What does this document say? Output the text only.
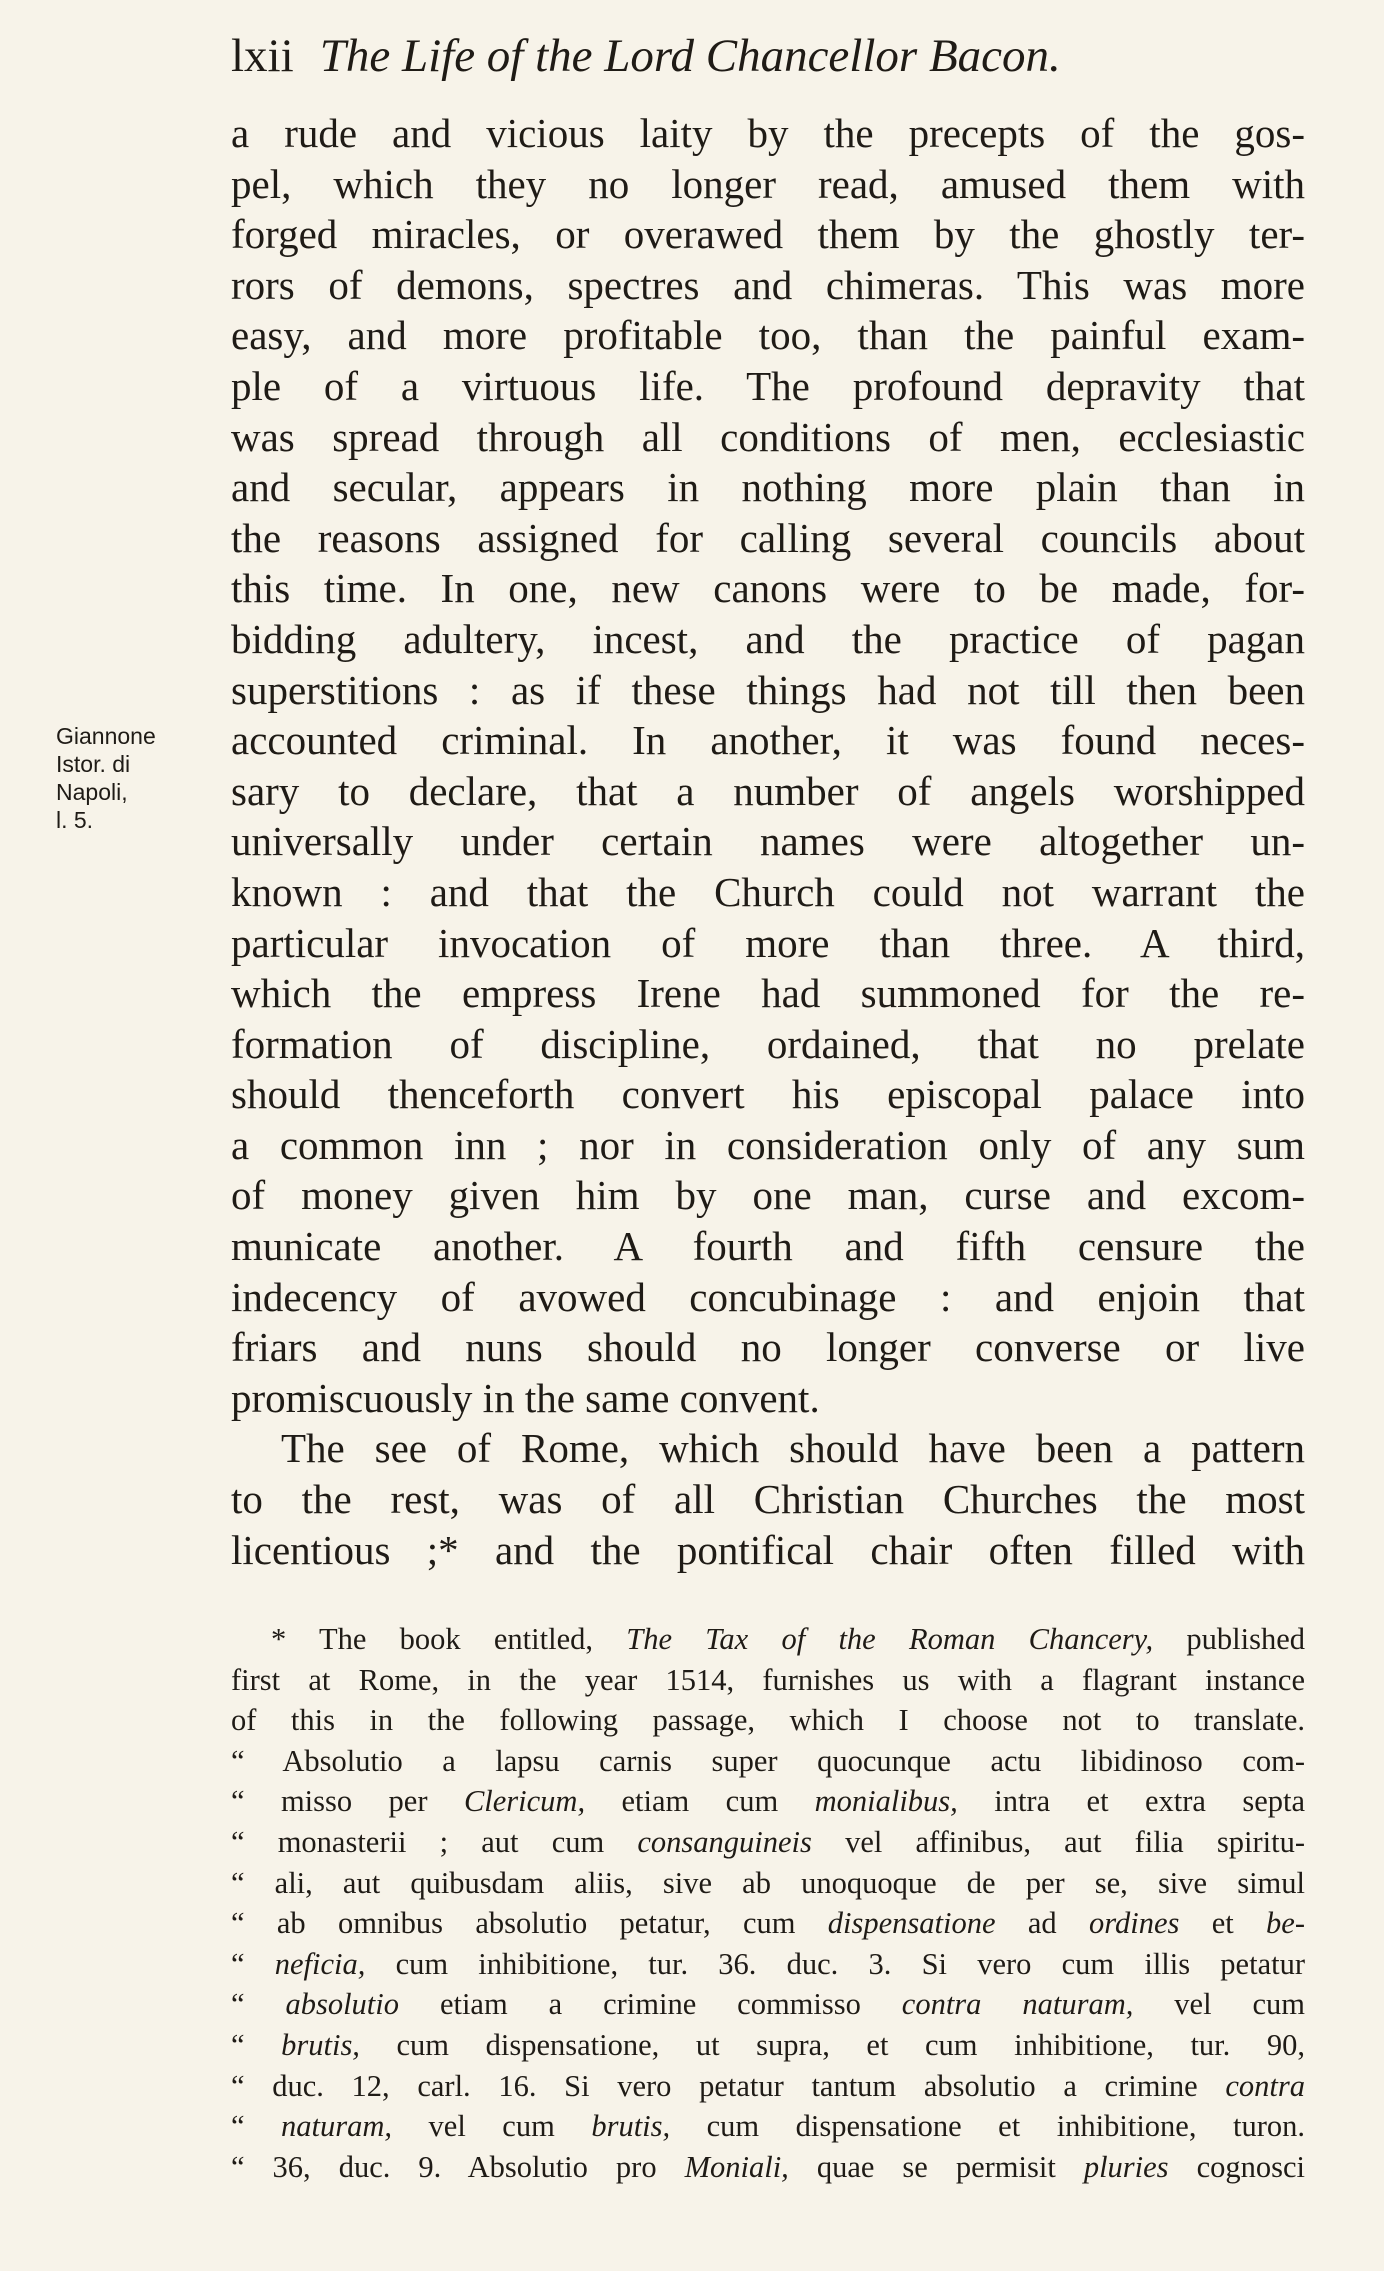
lxii The Life of the Lord Chancellor Bacon.
Giannone
Istor. di
Napoli,
l. 5.
a rude and vicious laity by the precepts of the gos-
pel, which they no longer read, amused them with
forged miracles, or overawed them by the ghostly ter-
rors of demons, spectres and chimeras. This was more
easy, and more profitable too, than the painful exam-
ple of a virtuous life. The profound depravity that
was spread through all conditions of men, ecclesiastic
and secular, appears in nothing more plain than in
the reasons assigned for calling several councils about
this time. In one, new canons were to be made, for-
bidding adultery, incest, and the practice of pagan
superstitions : as if these things had not till then been
accounted criminal. In another, it was found neces-
sary to declare, that a number of angels worshipped
universally under certain names were altogether un-
known : and that the Church could not warrant the
particular invocation of more than three. A third,
which the empress Irene had summoned for the re-
formation of discipline, ordained, that no prelate
should thenceforth convert his episcopal palace into
a common inn ; nor in consideration only of any sum
of money given him by one man, curse and excom-
municate another. A fourth and fifth censure the
indecency of avowed concubinage : and enjoin that
friars and nuns should no longer converse or live
promiscuously in the same convent.
The see of Rome, which should have been a pattern
to the rest, was of all Christian Churches the most
licentious ;* and the pontifical chair often filled with
* The book entitled, The Tax of the Roman Chancery, published
first at Rome, in the year 1514, furnishes us with a flagrant instance
of this in the following passage, which I choose not to translate.
“ Absolutio a lapsu carnis super quocunque actu libidinoso com-
“ misso per Clericum, etiam cum monialibus, intra et extra septa
“ monasterii ; aut cum consanguineis vel affinibus, aut filia spiritu-
“ ali, aut quibusdam aliis, sive ab unoquoque de per se, sive simul
“ ab omnibus absolutio petatur, cum dispensatione ad ordines et be-
“ neficia, cum inhibitione, tur. 36. duc. 3. Si vero cum illis petatur
“ absolutio etiam a crimine commisso contra naturam, vel cum
“ brutis, cum dispensatione, ut supra, et cum inhibitione, tur. 90,
“ duc. 12, carl. 16. Si vero petatur tantum absolutio a crimine contra
“ naturam, vel cum brutis, cum dispensatione et inhibitione, turon.
“ 36, duc. 9. Absolutio pro Moniali, quae se permisit pluries cognosci
